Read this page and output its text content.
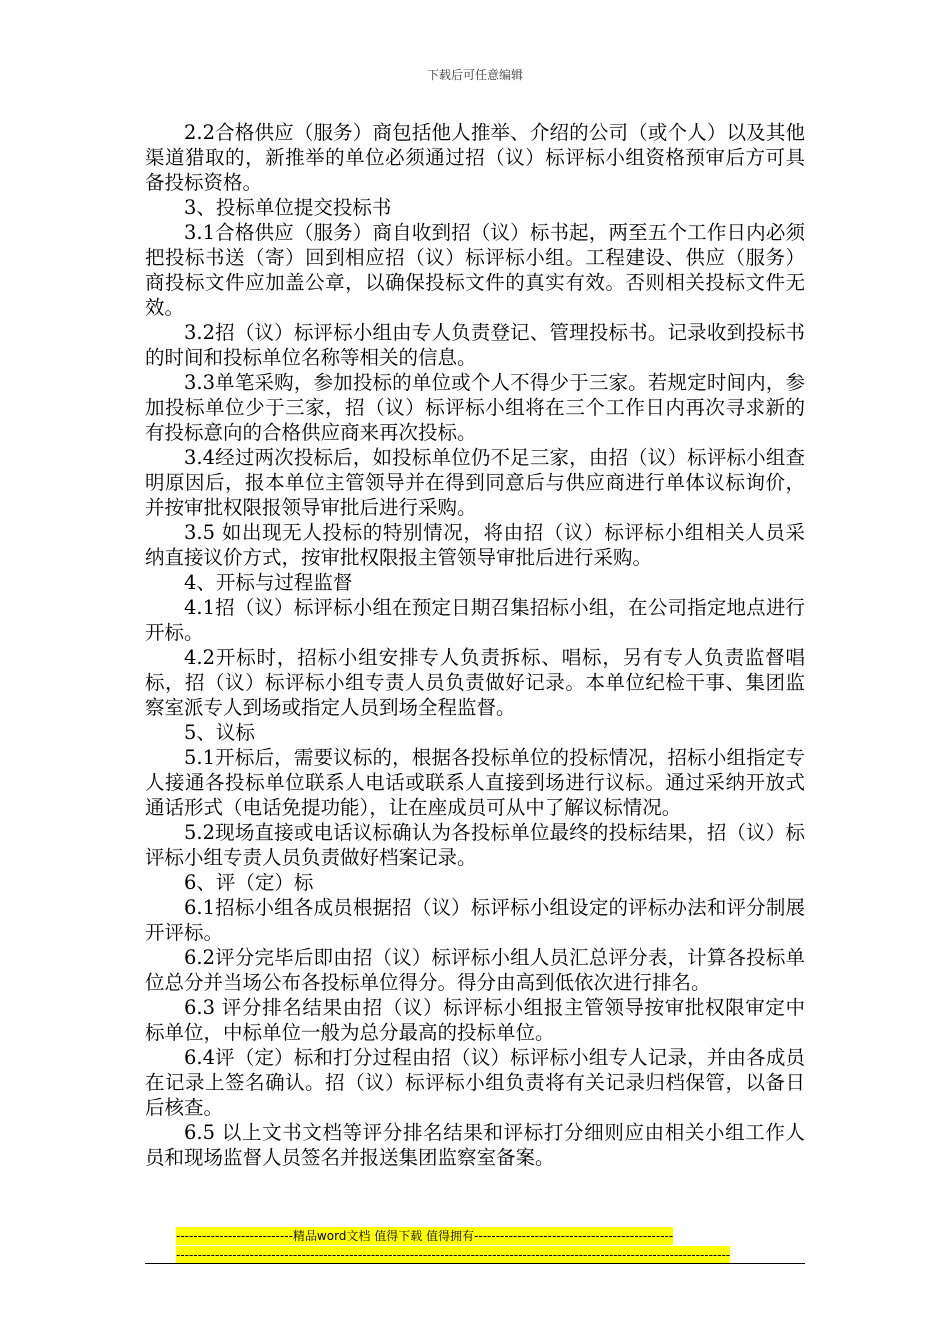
下载后可任意编辑

2.2合格供应（服务）商包括他人推举、介绍的公司（或个人）以及其他渠道猎取的，新推举的单位必须通过招（议）标评标小组资格预审后方可具备投标资格。

3、投标单位提交投标书

3.1合格供应（服务）商自收到招（议）标书起，两至五个工作日内必须把投标书送（寄）回到相应招（议）标评标小组。工程建设、供应（服务）商投标文件应加盖公章，以确保投标文件的真实有效。否则相关投标文件无效。

3.2招（议）标评标小组由专人负责登记、管理投标书。记录收到投标书的时间和投标单位名称等相关的信息。

3.3单笔采购，参加投标的单位或个人不得少于三家。若规定时间内，参加投标单位少于三家，招（议）标评标小组将在三个工作日内再次寻求新的有投标意向的合格供应商来再次投标。

3.4经过两次投标后，如投标单位仍不足三家，由招（议）标评标小组查明原因后，报本单位主管领导并在得到同意后与供应商进行单体议标询价，并按审批权限报领导审批后进行采购。

3.5 如出现无人投标的特别情况，将由招（议）标评标小组相关人员采纳直接议价方式，按审批权限报主管领导审批后进行采购。

4、开标与过程监督

4.1招（议）标评标小组在预定日期召集招标小组，在公司指定地点进行开标。

4.2开标时，招标小组安排专人负责拆标、唱标，另有专人负责监督唱标，招（议）标评标小组专责人员负责做好记录。本单位纪检干事、集团监察室派专人到场或指定人员到场全程监督。

5、议标

5.1开标后，需要议标的，根据各投标单位的投标情况，招标小组指定专人接通各投标单位联系人电话或联系人直接到场进行议标。通过采纳开放式通话形式（电话免提功能），让在座成员可从中了解议标情况。

5.2现场直接或电话议标确认为各投标单位最终的投标结果，招（议）标评标小组专责人员负责做好档案记录。

6、评（定）标

6.1招标小组各成员根据招（议）标评标小组设定的评标办法和评分制展开评标。

6.2评分完毕后即由招（议）标评标小组人员汇总评分表，计算各投标单位总分并当场公布各投标单位得分。得分由高到低依次进行排名。

6.3 评分排名结果由招（议）标评标小组报主管领导按审批权限审定中标单位，中标单位一般为总分最高的投标单位。

6.4评（定）标和打分过程由招（议）标评标小组专人记录，并由各成员在记录上签名确认。招（议）标评标小组负责将有关记录归档保管，以备日后核查。

6.5 以上文书文档等评分排名结果和评标打分细则应由相关小组工作人员和现场监督人员签名并报送集团监察室备案。

---------------------------精品word文档 值得下载 值得拥有----------------------------------------------
--------------------------------------------------------------------------------------------------------------------------------
